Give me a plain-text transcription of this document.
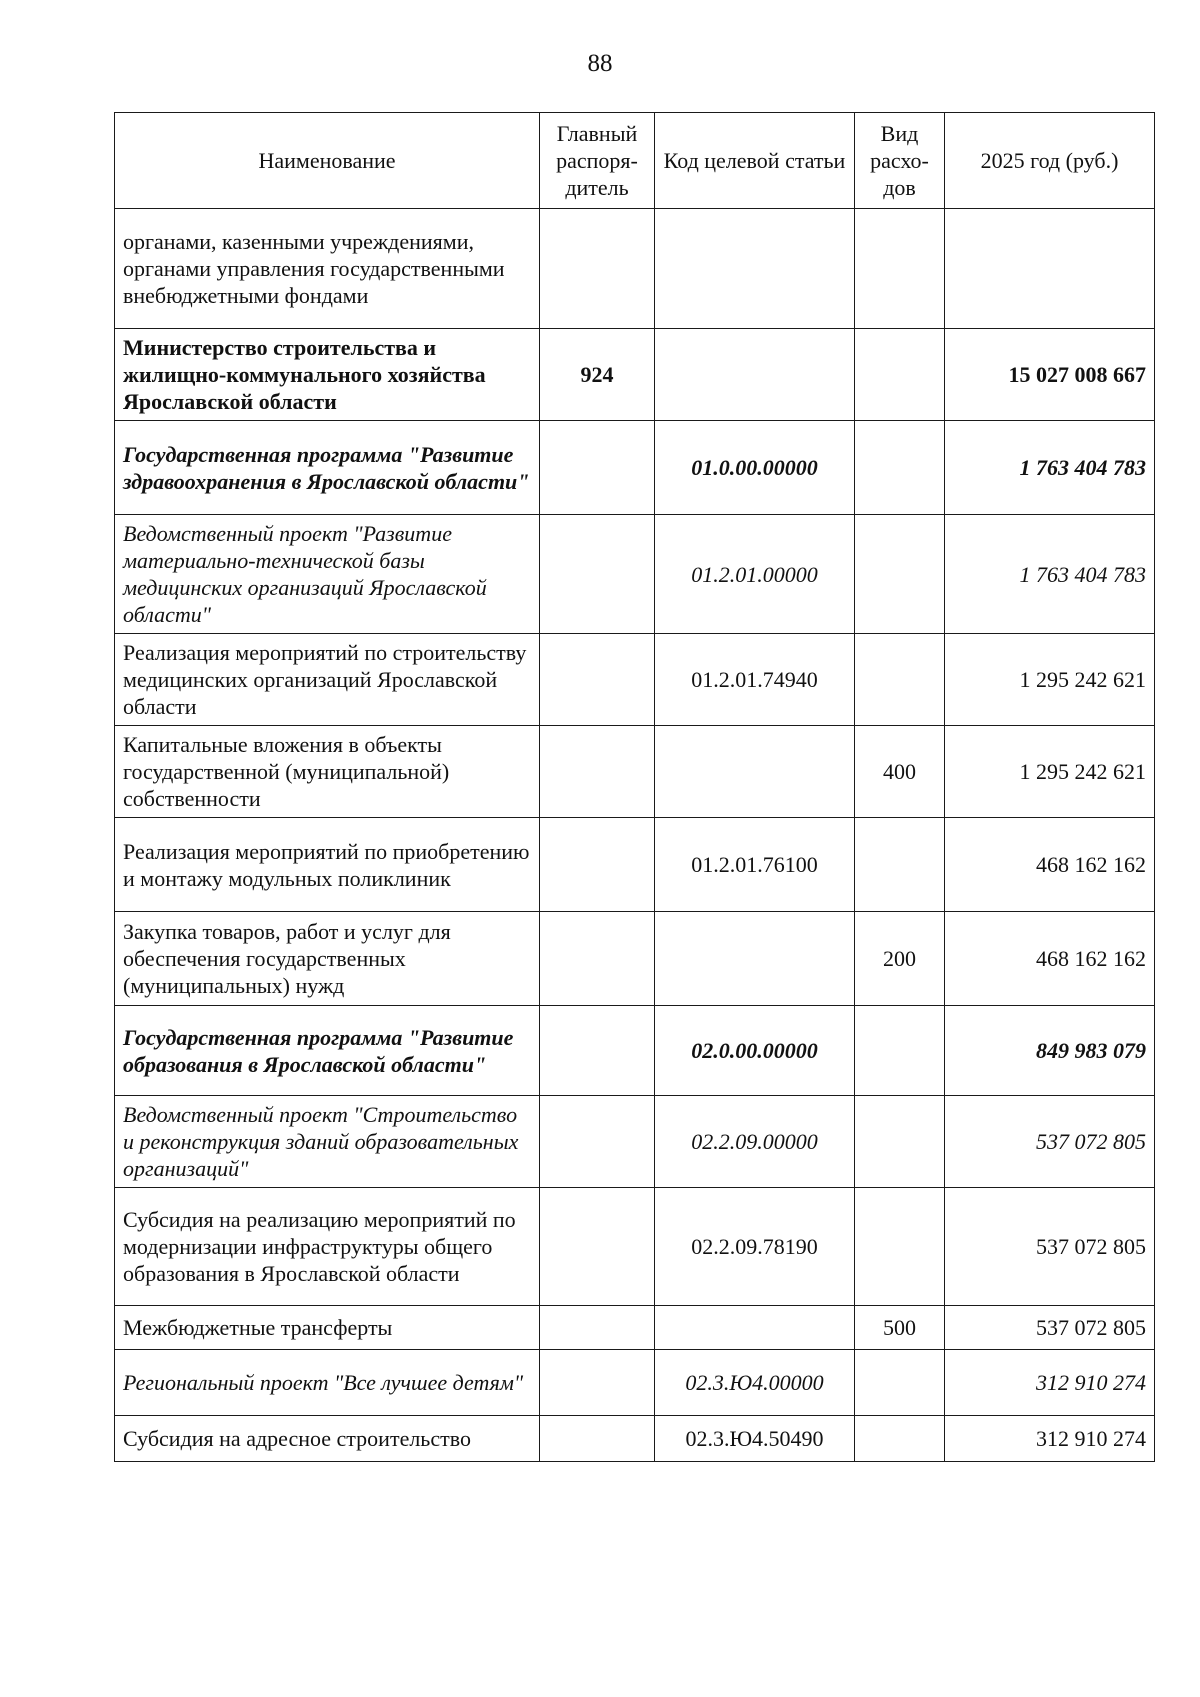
88
Наименование	Главный распоря-дитель	Код целевой статьи	Вид расхо-дов	2025 год (руб.)
органами, казенными учреждениями, органами управления государственными внебюджетными фондами				
Министерство строительства и жилищно-коммунального хозяйства Ярославской области	924			15 027 008 667
Государственная программа "Развитие здравоохранения в Ярославской области"		01.0.00.00000		1 763 404 783
Ведомственный проект "Развитие материально-технической базы медицинских организаций Ярославской области"		01.2.01.00000		1 763 404 783
Реализация мероприятий по строительству медицинских организаций Ярославской области		01.2.01.74940		1 295 242 621
Капитальные вложения в объекты государственной (муниципальной) собственности			400	1 295 242 621
Реализация мероприятий по приобретению и монтажу модульных поликлиник		01.2.01.76100		468 162 162
Закупка товаров, работ и услуг для обеспечения государственных (муниципальных) нужд			200	468 162 162
Государственная программа "Развитие образования в Ярославской области"		02.0.00.00000		849 983 079
Ведомственный проект "Строительство и реконструкция зданий образовательных организаций"		02.2.09.00000		537 072 805
Субсидия на реализацию мероприятий по модернизации инфраструктуры общего образования в Ярославской области		02.2.09.78190		537 072 805
Межбюджетные трансферты			500	537 072 805
Региональный проект "Все лучшее детям"		02.3.Ю4.00000		312 910 274
Субсидия на адресное строительство		02.3.Ю4.50490		312 910 274
